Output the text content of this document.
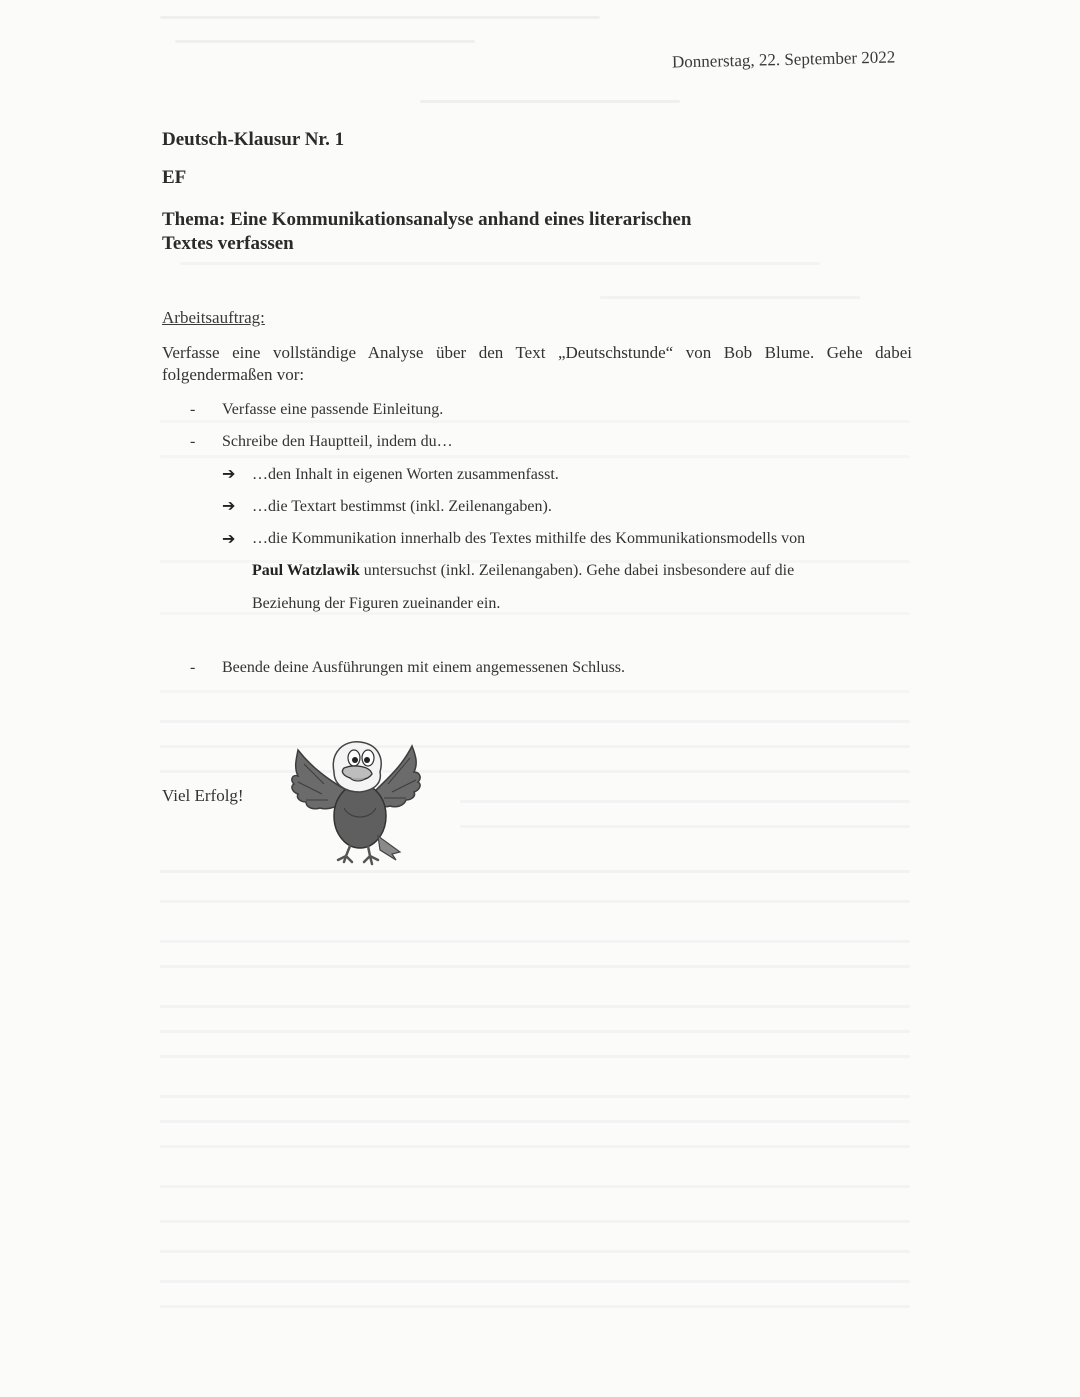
Donnerstag, 22. September 2022
Deutsch-Klausur Nr. 1
EF
Thema: Eine Kommunikationsanalyse anhand eines literarischen
Textes verfassen
Arbeitsauftrag:
Verfasse eine vollständige Analyse über den Text „Deutschstunde“ von Bob Blume. Gehe dabei folgendermaßen vor:
- Verfasse eine passende Einleitung.
- Schreibe den Hauptteil, indem du…
➔ …den Inhalt in eigenen Worten zusammenfasst.
➔ …die Textart bestimmst (inkl. Zeilenangaben).
➔ …die Kommunikation innerhalb des Textes mithilfe des Kommunikationsmodells von
Paul Watzlawik untersuchst (inkl. Zeilenangaben). Gehe dabei insbesondere auf die
Beziehung der Figuren zueinander ein.
- Beende deine Ausführungen mit einem angemessenen Schluss.
Viel Erfolg!
